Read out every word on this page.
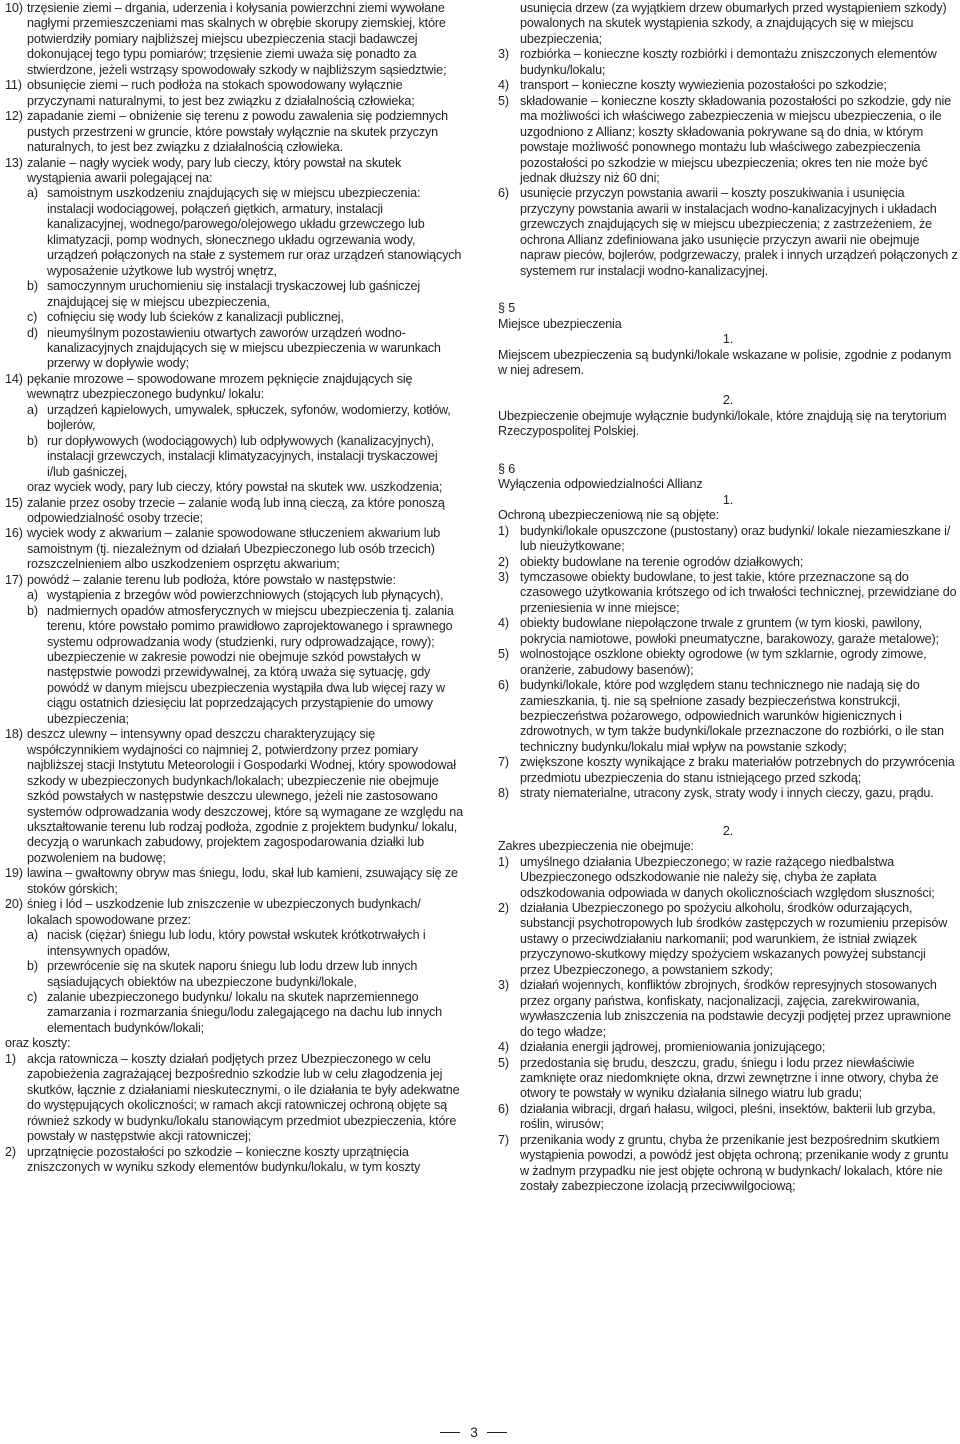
10) trzęsienie ziemi – drgania, uderzenia i kołysania powierzchni ziemi wywołane nagłymi przemieszczeniami mas skalnych w obrębie skorupy ziemskiej, które potwierdziły pomiary najbliższej miejscu ubezpieczenia stacji badawczej dokonującej tego typu pomiarów; trzęsienie ziemi uważa się ponadto za stwierdzone, jeżeli wstrząsy spowodowały szkody w najbliższym sąsiedztwie;
11) obsunięcie ziemi – ruch podłoża na stokach spowodowany wyłącznie przyczynami naturalnymi, to jest bez związku z działalnością człowieka;
12) zapadanie ziemi – obniżenie się terenu z powodu zawalenia się podziemnych pustych przestrzeni w gruncie, które powstały wyłącznie na skutek przyczyn naturalnych, to jest bez związku z działalnością człowieka.
13) zalanie – nagły wyciek wody, pary lub cieczy, który powstał na skutek wystąpienia awarii polegającej na:
a) samoistnym uszkodzeniu znajdujących się w miejscu ubezpieczenia: instalacji wodociągowej, połączeń giętkich, armatury, instalacji kanalizacyjnej, wodnego/parowego/olejowego układu grzewczego lub klimatyzacji, pomp wodnych, słonecznego układu ogrzewania wody, urządzeń połączonych na stałe z systemem rur oraz urządzeń stanowiących wyposażenie użytkowe lub wystrój wnętrz,
b) samoczynnym uruchomieniu się instalacji tryskaczowej lub gaśniczej znajdującej się w miejscu ubezpieczenia,
c) cofnięciu się wody lub ścieków z kanalizacji publicznej,
d) nieumyślnym pozostawieniu otwartych zaworów urządzeń wodno-kanalizacyjnych znajdujących się w miejscu ubezpieczenia w warunkach przerwy w dopływie wody;
14) pękanie mrozowe – spowodowane mrozem pęknięcie znajdujących się wewnątrz ubezpieczonego budynku/ lokalu:
a) urządzeń kąpielowych, umywalek, spłuczek, syfonów, wodomierzy, kotłów, bojlerów,
b) rur dopływowych (wodociągowych) lub odpływowych (kanalizacyjnych), instalacji grzewczych, instalacji klimatyzacyjnych, instalacji tryskaczowej i/lub gaśniczej,
oraz wyciek wody, pary lub cieczy, który powstał na skutek ww. uszkodzenia;
15) zalanie przez osoby trzecie – zalanie wodą lub inną cieczą, za które ponoszą odpowiedzialność osoby trzecie;
16) wyciek wody z akwarium – zalanie spowodowane stłuczeniem akwarium lub samoistnym (tj. niezależnym od działań Ubezpieczonego lub osób trzecich) rozszczelnieniem albo uszkodzeniem osprzętu akwarium;
17) powódź – zalanie terenu lub podłoża, które powstało w następstwie:
a) wystąpienia z brzegów wód powierzchniowych (stojących lub płynących),
b) nadmiernych opadów atmosferycznych w miejscu ubezpieczenia tj. zalania terenu, które powstało pomimo prawidłowo zaprojektowanego i sprawnego systemu odprowadzania wody (studzienki, rury odprowadzające, rowy); ubezpieczenie w zakresie powodzi nie obejmuje szkód powstałych w następstwie powodzi przewidywalnej, za którą uważa się sytuację, gdy powódź w danym miejscu ubezpieczenia wystąpiła dwa lub więcej razy w ciągu ostatnich dziesięciu lat poprzedzających przystąpienie do umowy ubezpieczenia;
18) deszcz ulewny – intensywny opad deszczu charakteryzujący się współczynnikiem wydajności co najmniej 2, potwierdzony przez pomiary najbliższej stacji Instytutu Meteorologii i Gospodarki Wodnej, który spowodował szkody w ubezpieczonych budynkach/lokalach; ubezpieczenie nie obejmuje szkód powstałych w następstwie deszczu ulewnego, jeżeli nie zastosowano systemów odprowadzania wody deszczowej, które są wymagane ze względu na ukształtowanie terenu lub rodzaj podłoża, zgodnie z projektem budynku/ lokalu, decyzją o warunkach zabudowy, projektem zagospodarowania działki lub pozwoleniem na budowę;
19) lawina – gwałtowny obryw mas śniegu, lodu, skał lub kamieni, zsuwający się ze stoków górskich;
20) śnieg i lód – uszkodzenie lub zniszczenie w ubezpieczonych budynkach/ lokalach spowodowane przez:
a) nacisk (ciężar) śniegu lub lodu, który powstał wskutek krótkotrwałych i intensywnych opadów,
b) przewrócenie się na skutek naporu śniegu lub lodu drzew lub innych sąsiadujących obiektów na ubezpieczone budynki/lokale,
c) zalanie ubezpieczonego budynku/ lokalu na skutek naprzemiennego zamarzania i rozmarzania śniegu/lodu zalegającego na dachu lub innych elementach budynków/lokali;
oraz koszty:
1) akcja ratownicza – koszty działań podjętych przez Ubezpieczonego w celu zapobieżenia zagrażającej bezpośrednio szkodzie lub w celu złagodzenia jej skutków, łącznie z działaniami nieskutecznymi, o ile działania te były adekwatne do występujących okoliczności; w ramach akcji ratowniczej ochroną objęte są również szkody w budynku/lokalu stanowiącym przedmiot ubezpieczenia, które powstały w następstwie akcji ratowniczej;
2) uprzątnięcie pozostałości po szkodzie – konieczne koszty uprzątnięcia zniszczonych w wyniku szkody elementów budynku/lokalu, w tym koszty
usunięcia drzew (za wyjątkiem drzew obumarłych przed wystąpieniem szkody) powalonych na skutek wystąpienia szkody, a znajdujących się w miejscu ubezpieczenia;
3) rozbiórka – konieczne koszty rozbiórki i demontażu zniszczonych elementów budynku/lokalu;
4) transport – konieczne koszty wywiezienia pozostałości po szkodzie;
5) składowanie – konieczne koszty składowania pozostałości po szkodzie, gdy nie ma możliwości ich właściwego zabezpieczenia w miejscu ubezpieczenia, o ile uzgodniono z Allianz; koszty składowania pokrywane są do dnia, w którym powstaje możliwość ponownego montażu lub właściwego zabezpieczenia pozostałości po szkodzie w miejscu ubezpieczenia; okres ten nie może być jednak dłuższy niż 60 dni;
6) usunięcie przyczyn powstania awarii – koszty poszukiwania i usunięcia przyczyny powstania awarii w instalacjach wodno-kanalizacyjnych i układach grzewczych znajdujących się w miejscu ubezpieczenia; z zastrzeżeniem, że ochrona Allianz zdefiniowana jako usunięcie przyczyn awarii nie obejmuje napraw pieców, bojlerów, podgrzewaczy, pralek i innych urządzeń połączonych z systemem rur instalacji wodno-kanalizacyjnej.
§ 5
Miejsce ubezpieczenia
1.
Miejscem ubezpieczenia są budynki/lokale wskazane w polisie, zgodnie z podanym w niej adresem.
2.
Ubezpieczenie obejmuje wyłącznie budynki/lokale, które znajdują się na terytorium Rzeczypospolitej Polskiej.
§ 6
Wyłączenia odpowiedzialności Allianz
1.
Ochroną ubezpieczeniową nie są objęte:
1) budynki/lokale opuszczone (pustostany) oraz budynki/ lokale niezamieszkane i/ lub nieużytkowane;
2) obiekty budowlane na terenie ogrodów działkowych;
3) tymczasowe obiekty budowlane, to jest takie, które przeznaczone są do czasowego użytkowania krótszego od ich trwałości technicznej, przewidziane do przeniesienia w inne miejsce;
4) obiekty budowlane niepołączone trwale z gruntem (w tym kioski, pawilony, pokrycia namiotowe, powłoki pneumatyczne, barakowozy, garaże metalowe);
5) wolnostojące oszklone obiekty ogrodowe (w tym szklarnie, ogrody zimowe, oranżerie, zabudowy basenów);
6) budynki/lokale, które pod względem stanu technicznego nie nadają się do zamieszkania, tj. nie są spełnione zasady bezpieczeństwa konstrukcji, bezpieczeństwa pożarowego, odpowiednich warunków higienicznych i zdrowotnych, w tym także budynki/lokale przeznaczone do rozbiórki, o ile stan techniczny budynku/lokalu miał wpływ na powstanie szkody;
7) zwiększone koszty wynikające z braku materiałów potrzebnych do przywrócenia przedmiotu ubezpieczenia do stanu istniejącego przed szkodą;
8) straty niematerialne, utracony zysk, straty wody i innych cieczy, gazu, prądu.
2.
Zakres ubezpieczenia nie obejmuje:
1) umyślnego działania Ubezpieczonego; w razie rażącego niedbalstwa Ubezpieczonego odszkodowanie nie należy się, chyba że zapłata odszkodowania odpowiada w danych okolicznościach względom słuszności;
2) działania Ubezpieczonego po spożyciu alkoholu, środków odurzających, substancji psychotropowych lub środków zastępczych w rozumieniu przepisów ustawy o przeciwdziałaniu narkomanii; pod warunkiem, że istniał związek przyczynowo-skutkowy między spożyciem wskazanych powyżej substancji przez Ubezpieczonego, a powstaniem szkody;
3) działań wojennych, konfliktów zbrojnych, środków represyjnych stosowanych przez organy państwa, konfiskaty, nacjonalizacji, zajęcia, zarekwirowania, wywłaszczenia lub zniszczenia na podstawie decyzji podjętej przez uprawnione do tego władze;
4) działania energii jądrowej, promieniowania jonizującego;
5) przedostania się brudu, deszczu, gradu, śniegu i lodu przez niewłaściwie zamknięte oraz niedomknięte okna, drzwi zewnętrzne i inne otwory, chyba że otwory te powstały w wyniku działania silnego wiatru lub gradu;
6) działania wibracji, drgań hałasu, wilgoci, pleśni, insektów, bakterii lub grzyba, roślin, wirusów;
7) przenikania wody z gruntu, chyba że przenikanie jest bezpośrednim skutkiem wystąpienia powodzi, a powódź jest objęta ochroną; przenikanie wody z gruntu w żadnym przypadku nie jest objęte ochroną w budynkach/ lokalach, które nie zostały zabezpieczone izolacją przeciwwilgociową;
3
